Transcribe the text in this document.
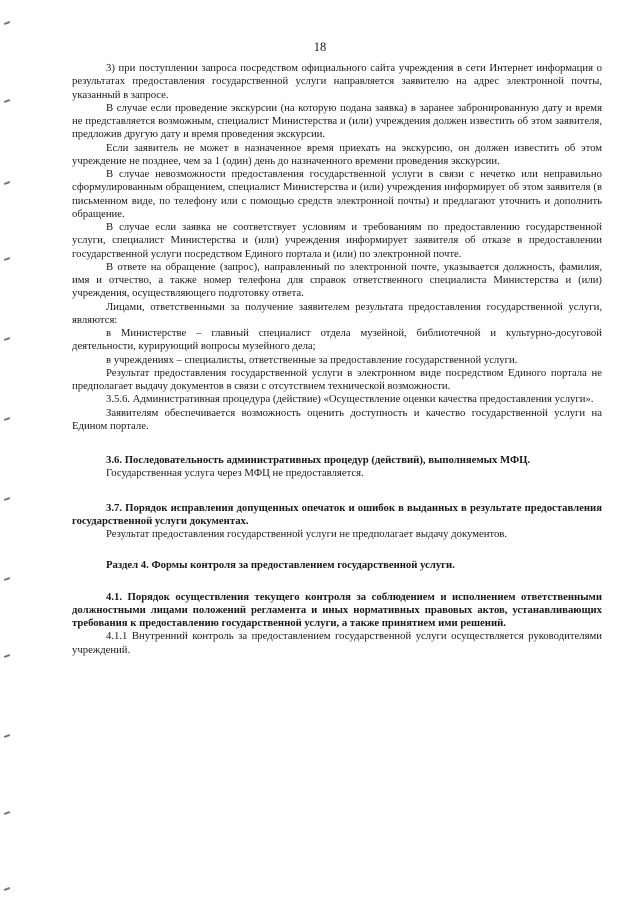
18

3) при поступлении запроса посредством официального сайта учреждения в сети Интернет информация о результатах предоставления государственной услуги направляется заявителю на адрес электронной почты, указанный в запросе.

В случае если проведение экскурсии (на которую подана заявка) в заранее забронированную дату и время не представляется возможным, специалист Министерства и (или) учреждения должен известить об этом заявителя, предложив другую дату и время проведения экскурсии.

Если заявитель не может в назначенное время приехать на экскурсию, он должен известить об этом учреждение не позднее, чем за 1 (один) день до назначенного времени проведения экскурсии.

В случае невозможности предоставления государственной услуги в связи с нечетко или неправильно сформулированным обращением, специалист Министерства и (или) учреждения информирует об этом заявителя (в письменном виде, по телефону или с помощью средств электронной почты) и предлагают уточнить и дополнить обращение.

В случае если заявка не соответствует условиям и требованиям по предоставлению государственной услуги, специалист Министерства и (или) учреждения информирует заявителя об отказе в предоставлении государственной услуги посредством Единого портала и (или) по электронной почте.

В ответе на обращение (запрос), направленный по электронной почте, указывается должность, фамилия, имя и отчество, а также номер телефона для справок ответственного специалиста Министерства и (или) учреждения, осуществляющего подготовку ответа.

Лицами, ответственными за получение заявителем результата предоставления государственной услуги, являются:

в Министерстве – главный специалист отдела музейной, библиотечной и культурно-досуговой деятельности, курирующий вопросы музейного дела;

в учреждениях – специалисты, ответственные за предоставление государственной услуги.

Результат предоставления государственной услуги в электронном виде посредством Единого портала не предполагает выдачу документов в связи с отсутствием технической возможности.

3.5.6. Административная процедура (действие) «Осуществление оценки качества предоставления услуги».

Заявителям обеспечивается возможность оценить доступность и качество государственной услуги на Едином портале.

3.6. Последовательность административных процедур (действий), выполняемых МФЦ.

Государственная услуга через МФЦ не предоставляется.

3.7. Порядок исправления допущенных опечаток и ошибок в выданных в результате предоставления государственной услуги документах.

Результат предоставления государственной услуги не предполагает выдачу документов.

Раздел 4. Формы контроля за предоставлением государственной услуги.
4.1. Порядок осуществления текущего контроля за соблюдением и исполнением ответственными должностными лицами положений регламента и иных нормативных правовых актов, устанавливающих требования к предоставлению государственной услуги, а также принятием ими решений.

4.1.1 Внутренний контроль за предоставлением государственной услуги осуществляется руководителями учреждений.
